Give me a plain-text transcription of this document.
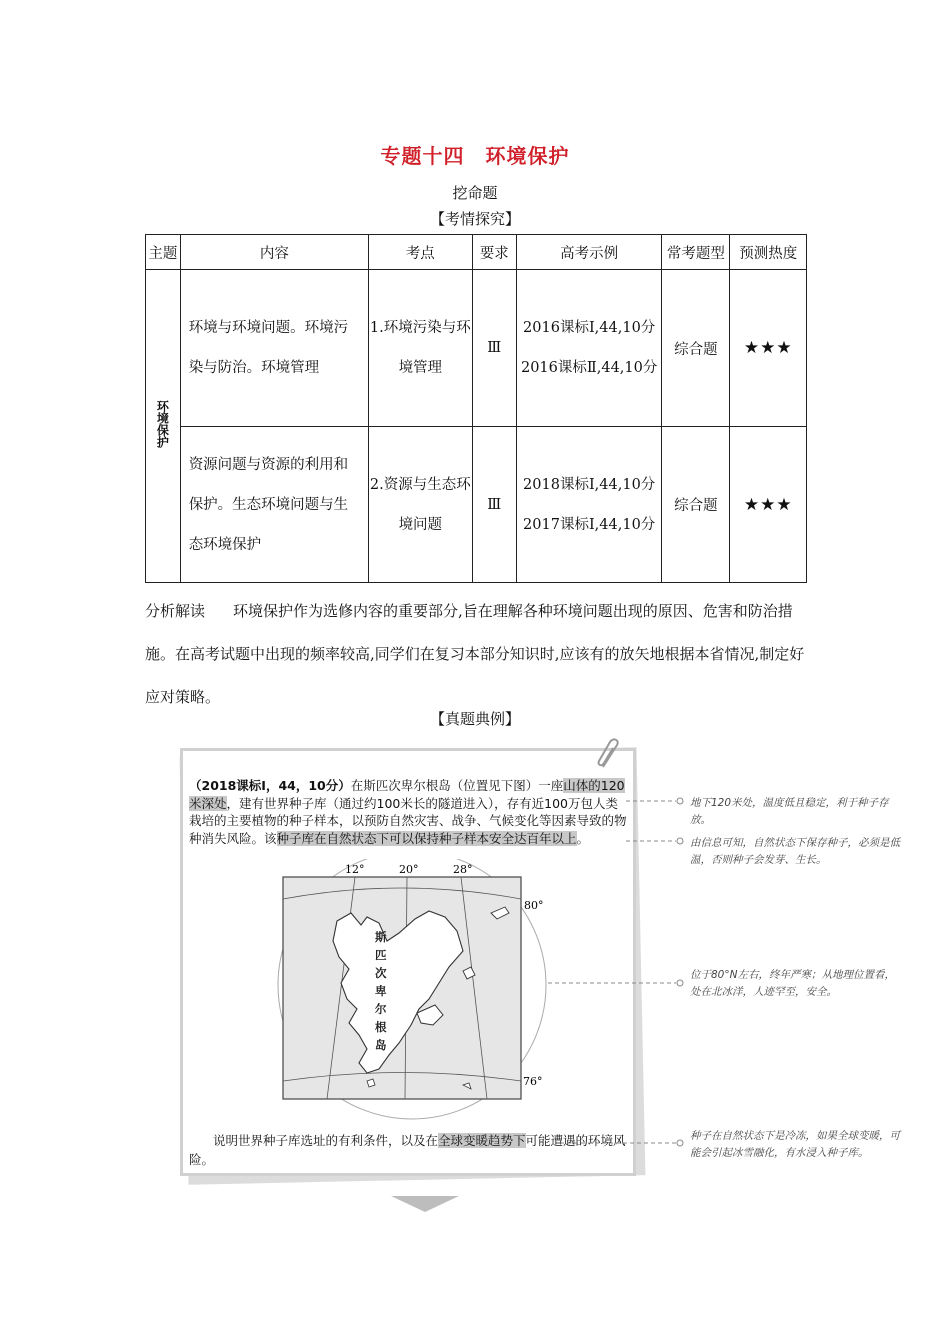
专题十四　环境保护
挖命题
【考情探究】
主题	内容	考点	要求	高考示例	常考题型	预测热度
环境保护	环境与环境问题。环境污染与防治。环境管理	1.环境污染与环境管理	Ⅲ	2016课标Ⅰ,44,10分
2016课标Ⅱ,44,10分	综合题	★★★
	资源问题与资源的利用和保护。生态环境问题与生态环境保护	2.资源与生态环境问题	Ⅲ	2018课标Ⅰ,44,10分
2017课标Ⅰ,44,10分	综合题	★★★
分析解读 环境保护作为选修内容的重要部分,旨在理解各种环境问题出现的原因、危害和防治措施。在高考试题中出现的频率较高,同学们在复习本部分知识时,应该有的放矢地根据本省情况,制定好应对策略。
【真题典例】
（2018课标Ⅰ，44，10分）在斯匹次卑尔根岛（位置见下图）一座山体的120米深处，建有世界种子库（通过约100米长的隧道进入），存有近100万包人类栽培的主要植物的种子样本，以预防自然灾害、战争、气候变化等因素导致的物种消失风险。该种子库在自然状态下可以保持种子样本安全达百年以上。
12°	20°	28°
80°
76°
斯
匹
次
卑
尔
根
岛
说明世界种子库选址的有利条件，以及在全球变暖趋势下可能遭遇的环境风险。
地下120米处，温度低且稳定，利于种子存放。
由信息可知，自然状态下保存种子，必须是低温，否则种子会发芽、生长。
位于80°N左右，终年严寒；从地理位置看，处在北冰洋，人迹罕至，安全。
种子在自然状态下是冷冻，如果全球变暖，可能会引起冰雪融化，有水浸入种子库。
